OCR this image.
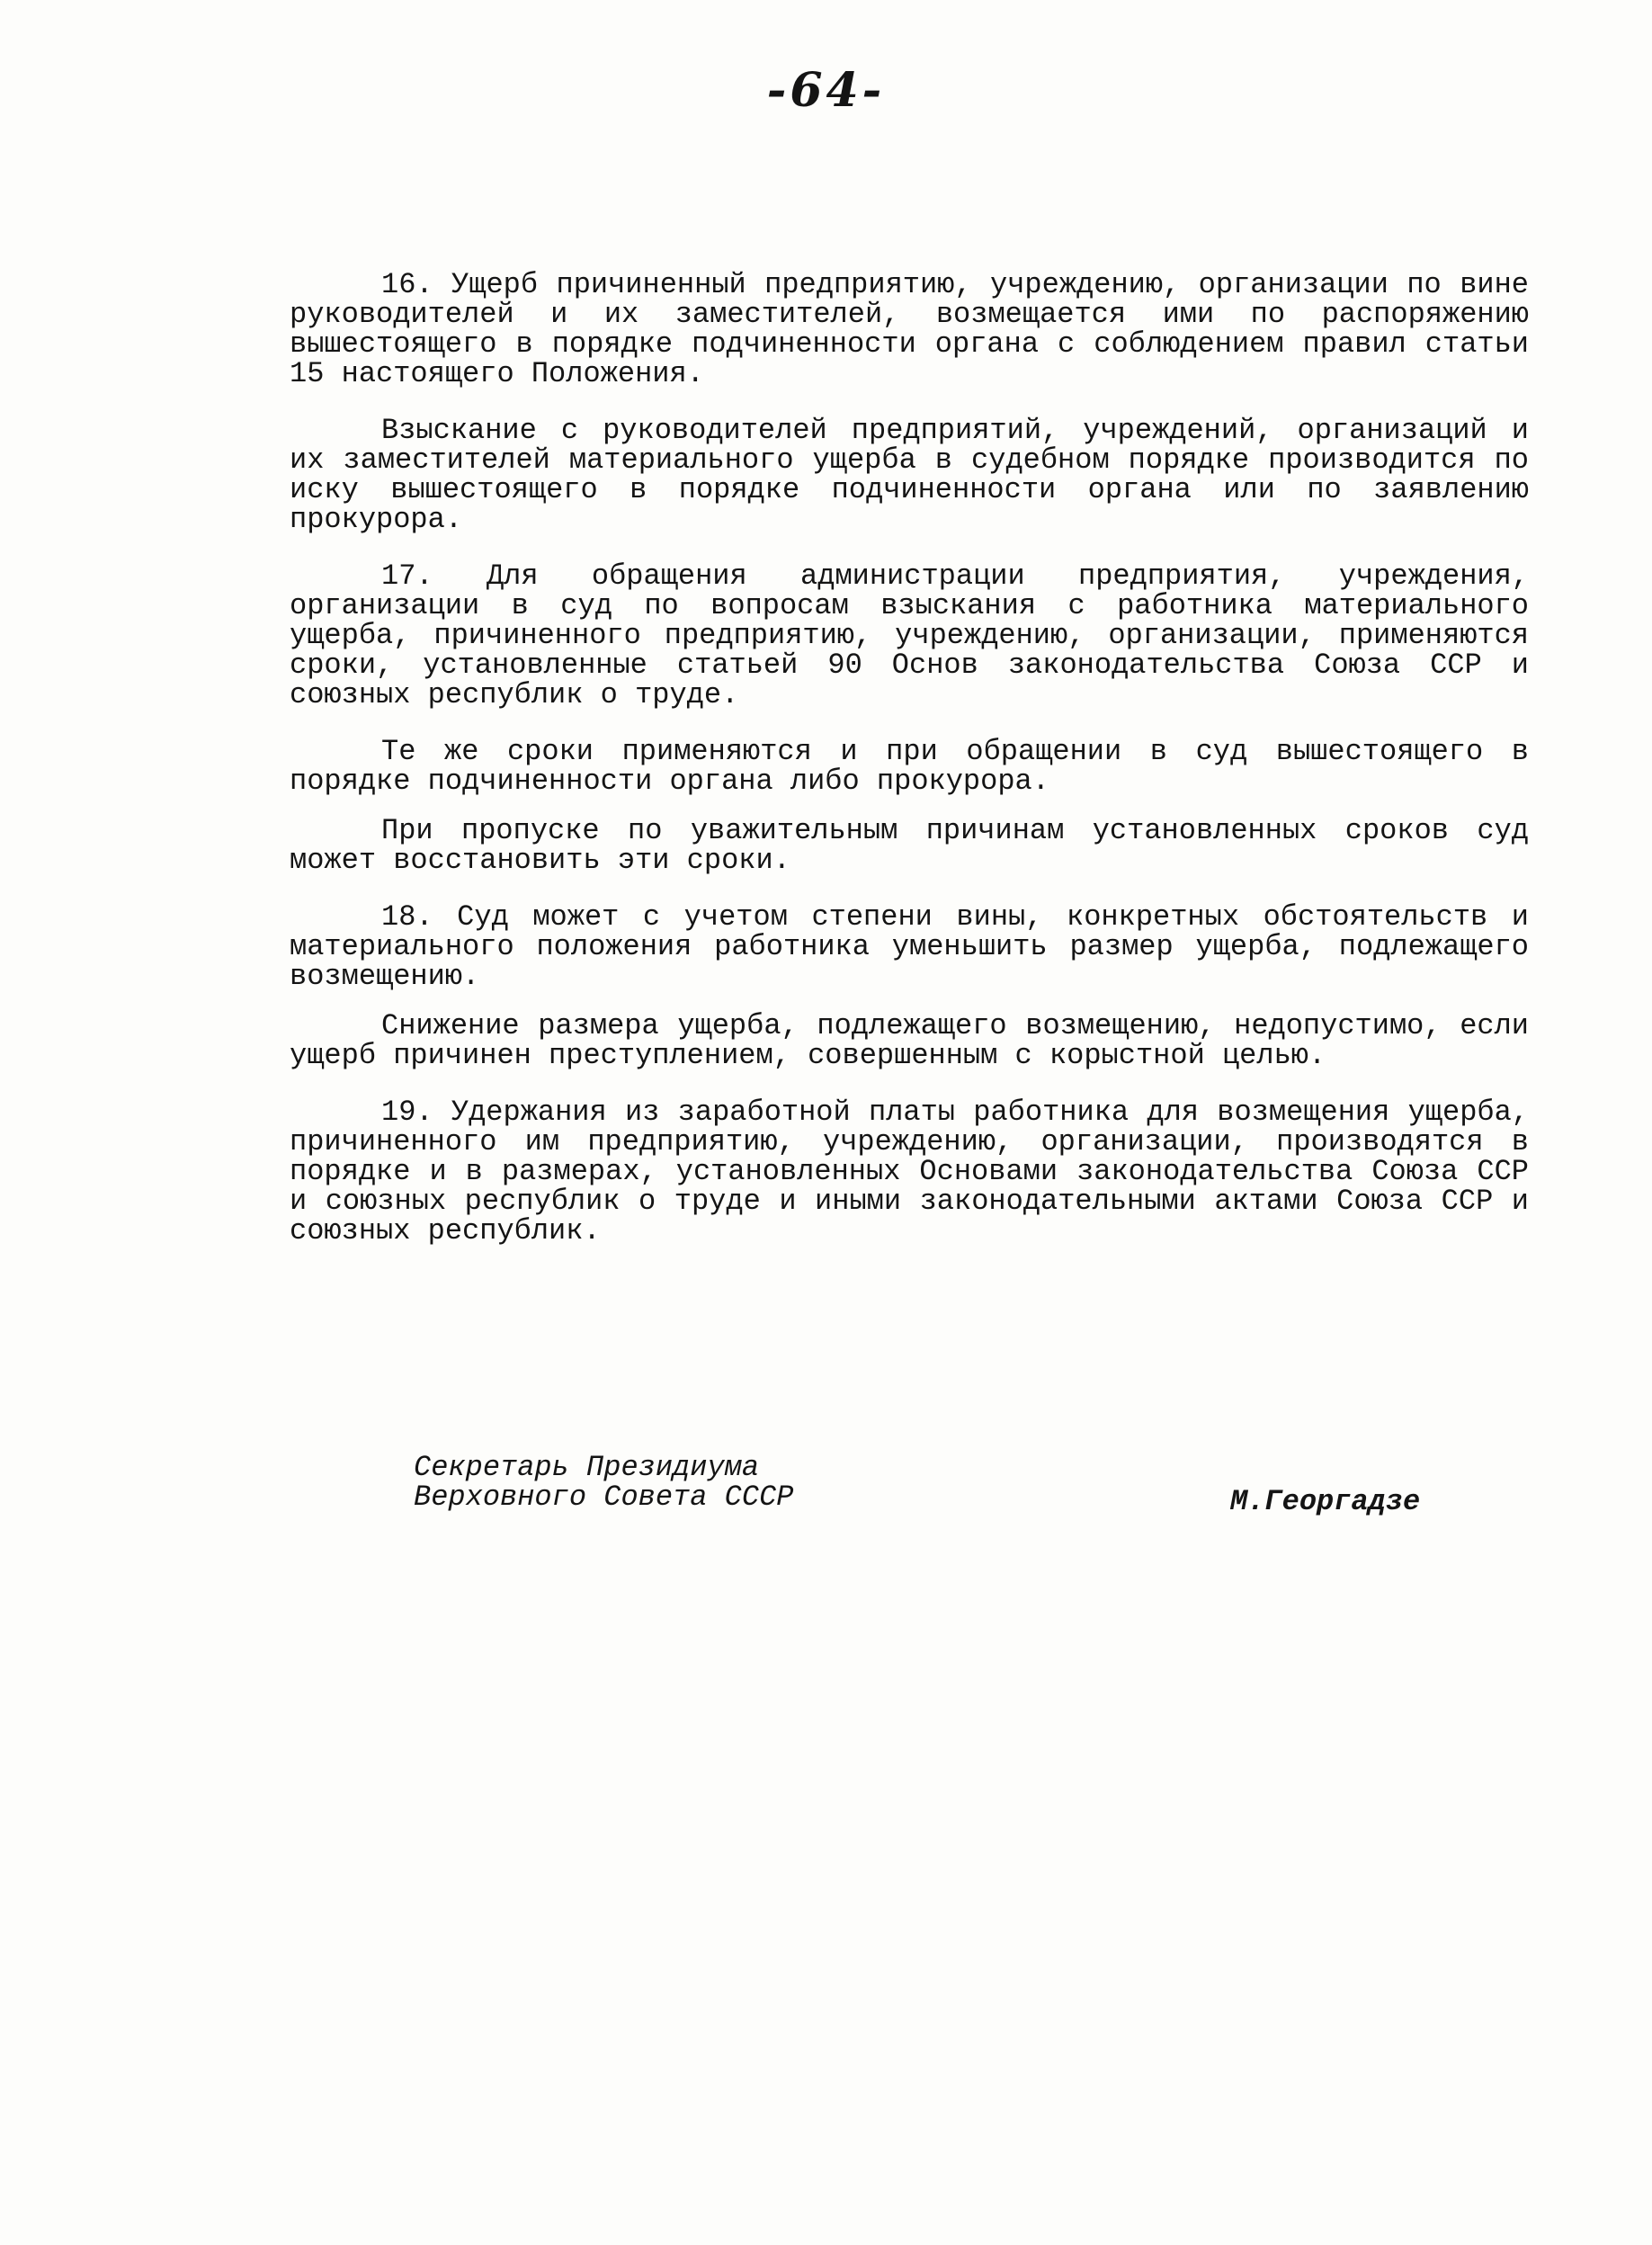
-64-

16. Ущерб причиненный предприятию, учреждению, организации по вине руководителей и их заместителей, возмещается ими по распоряжению вышестоящего в порядке подчиненности органа с соблюдением правил статьи 15 настоящего Положения.

Взыскание с руководителей предприятий, учреждений, организаций и их заместителей материального ущерба в судебном порядке производится по иску вышестоящего в порядке подчиненности органа или по заявлению прокурора.

17. Для обращения администрации предприятия, учреждения, организации в суд по вопросам взыскания с работника материального ущерба, причиненного предприятию, учреждению, организации, применяются сроки, установленные статьей 90 Основ законодательства Союза ССР и союзных республик о труде.

Те же сроки применяются и при обращении в суд вышестоящего в порядке подчиненности органа либо прокурора.

При пропуске по уважительным причинам установленных сроков суд может восстановить эти сроки.

18. Суд может с учетом степени вины, конкретных обстоятельств и материального положения работника уменьшить размер ущерба, подлежащего возмещению.

Снижение размера ущерба, подлежащего возмещению, недопустимо, если ущерб причинен преступлением, совершенным с корыстной целью.

19. Удержания из заработной платы работника для возмещения ущерба, причиненного им предприятию, учреждению, организации, производятся в порядке и в размерах, установленных Основами законодательства Союза ССР и союзных республик о труде и иными законодательными актами Союза ССР и союзных республик.

Секретарь Президиума
Верховного Совета СССР	М.Георгадзе
